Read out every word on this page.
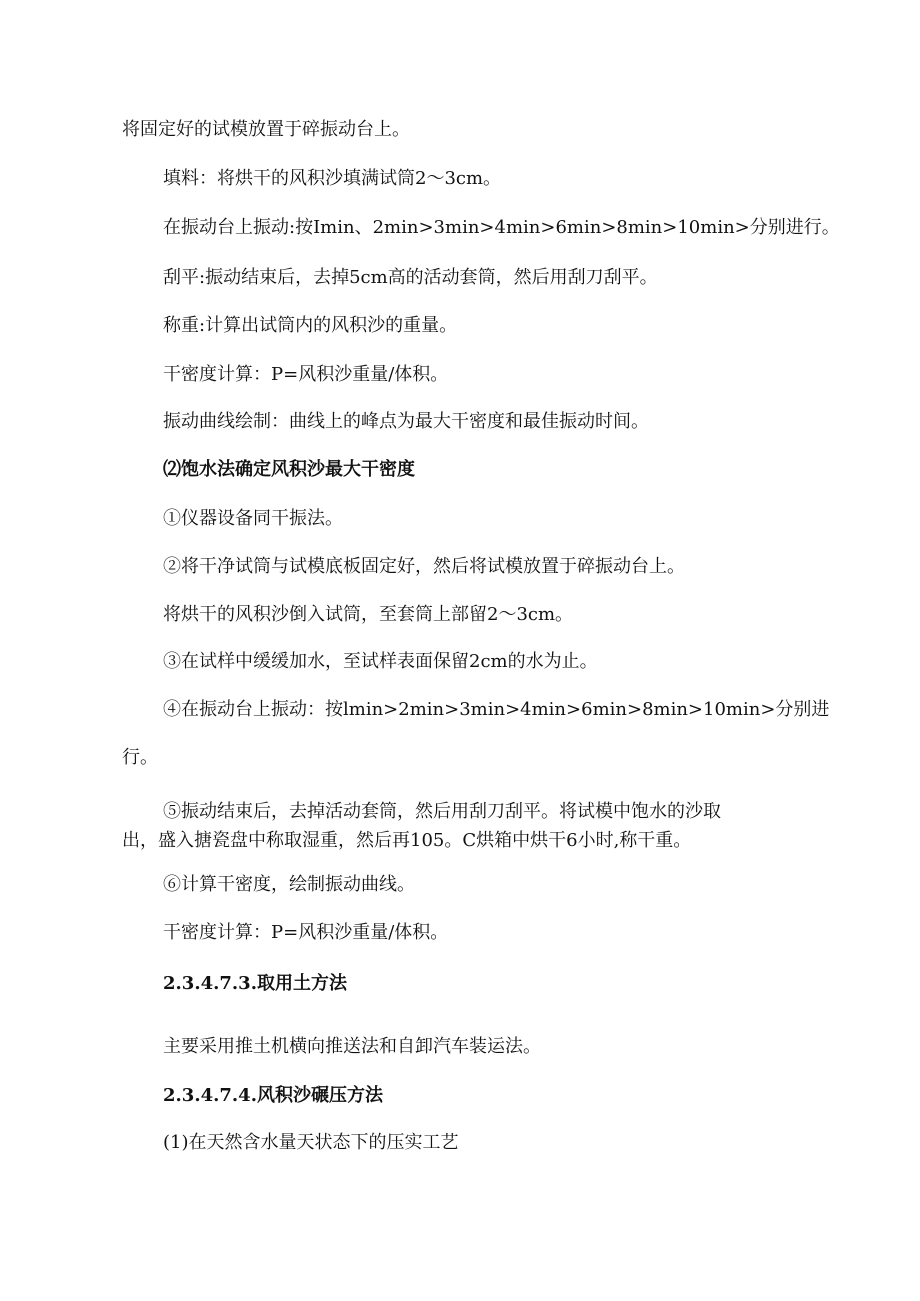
将固定好的试模放置于碎振动台上。
填料：将烘干的风积沙填满试筒2～3cm。
在振动台上振动:按Imin、2min>3min>4min>6min>8min>10min>分别进行。
刮平:振动结束后，去掉5cm高的活动套筒，然后用刮刀刮平。
称重:计算出试筒内的风积沙的重量。
干密度计算：P=风积沙重量/体积。
振动曲线绘制：曲线上的峰点为最大干密度和最佳振动时间。
⑵饱水法确定风积沙最大干密度
①仪器设备同干振法。
②将干净试筒与试模底板固定好，然后将试模放置于碎振动台上。
将烘干的风积沙倒入试筒，至套筒上部留2～3cm。
③在试样中缓缓加水，至试样表面保留2cm的水为止。
④在振动台上振动：按lmin>2min>3min>4min>6min>8min>10min>分别进
行。
⑤振动结束后，去掉活动套筒，然后用刮刀刮平。将试模中饱水的沙取
出，盛入搪瓷盘中称取湿重，然后再105。C烘箱中烘干6小时,称干重。
⑥计算干密度，绘制振动曲线。
干密度计算：P=风积沙重量/体积。
2.3.4.7.3.取用土方法
主要采用推土机横向推送法和自卸汽车装运法。
2.3.4.7.4.风积沙碾压方法
(1)在天然含水量天状态下的压实工艺
